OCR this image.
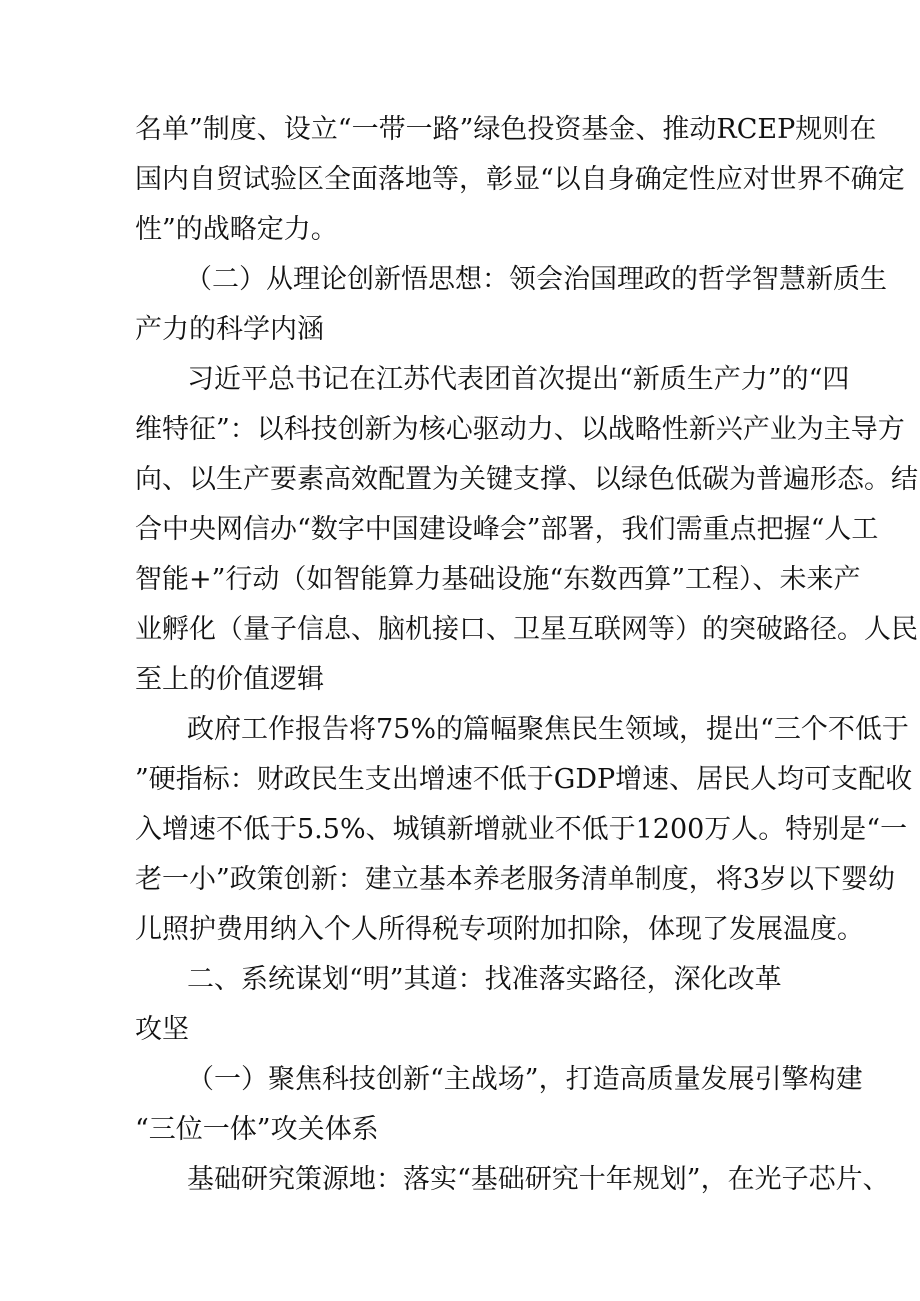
名单”制度、设立“一带一路”绿色投资基金、推动RCEP规则在
国内自贸试验区全面落地等，彰显“以自身确定性应对世界不确定
性”的战略定力。
（二）从理论创新悟思想：领会治国理政的哲学智慧新质生
产力的科学内涵
习近平总书记在江苏代表团首次提出“新质生产力”的“四
维特征”：以科技创新为核心驱动力、以战略性新兴产业为主导方
向、以生产要素高效配置为关键支撑、以绿色低碳为普遍形态。结
合中央网信办“数字中国建设峰会”部署，我们需重点把握“人工
智能+”行动（如智能算力基础设施“东数西算”工程）、未来产
业孵化（量子信息、脑机接口、卫星互联网等）的突破路径。人民
至上的价值逻辑
政府工作报告将75%的篇幅聚焦民生领域，提出“三个不低于
”硬指标：财政民生支出增速不低于GDP增速、居民人均可支配收
入增速不低于5.5%、城镇新增就业不低于1200万人。特别是“一
老一小”政策创新：建立基本养老服务清单制度，将3岁以下婴幼
儿照护费用纳入个人所得税专项附加扣除，体现了发展温度。
二、系统谋划“明”其道：找准落实路径，深化改革
攻坚
（一）聚焦科技创新“主战场”，打造高质量发展引擎构建
“三位一体”攻关体系
基础研究策源地：落实“基础研究十年规划”，在光子芯片、
